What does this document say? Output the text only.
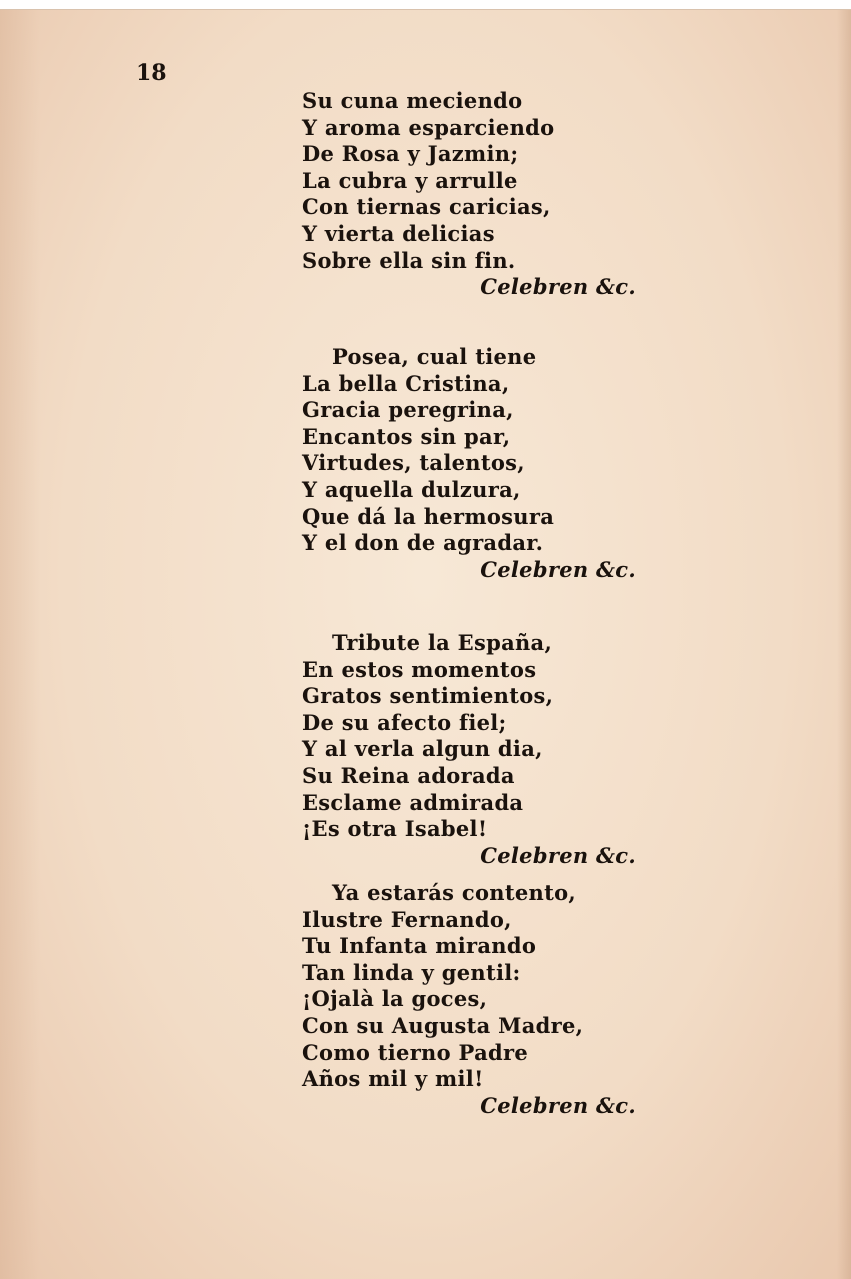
18
Su cuna meciendo
Y aroma esparciendo
De Rosa y Jazmin;
La cubra y arrulle
Con tiernas caricias,
Y vierta delicias
Sobre ella sin fin.
Celebren &c.
Posea, cual tiene
La bella Cristina,
Gracia peregrina,
Encantos sin par,
Virtudes, talentos,
Y aquella dulzura,
Que dá la hermosura
Y el don de agradar.
Celebren &c.
Tribute la España,
En estos momentos
Gratos sentimientos,
De su afecto fiel;
Y al verla algun dia,
Su Reina adorada
Esclame admirada
¡Es otra Isabel!
Celebren &c.
Ya estarás contento,
Ilustre Fernando,
Tu Infanta mirando
Tan linda y gentil:
¡Ojalà la goces,
Con su Augusta Madre,
Como tierno Padre
Años mil y mil!
Celebren &c.
